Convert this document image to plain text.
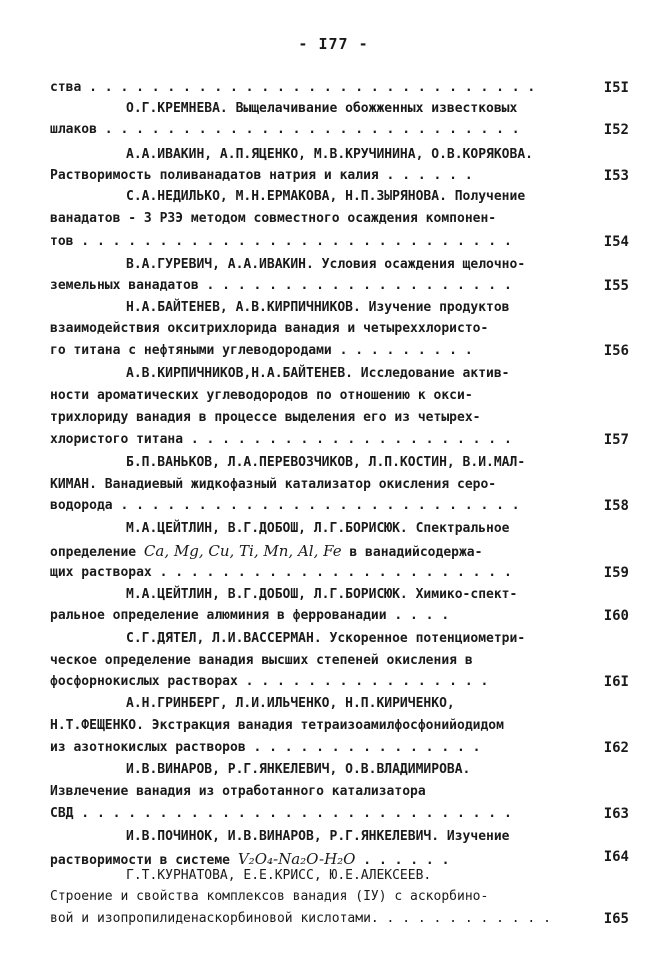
- I77 -
ства . . . . . . . . . . . . . . . . . . . . . . . . . . . . .	I5I
О.Г.КРЕМНЕВА. Выщелачивание обожженных известковых
шлаков . . . . . . . . . . . . . . . . . . . . . . . . . . .	I52
А.А.ИВАКИН, А.П.ЯЦЕНКО, М.В.КРУЧИНИНА, О.В.КОРЯКОВА.
Растворимость поливанадатов натрия и калия . . . . . .	I53
С.А.НЕДИЛЬКО, М.Н.ЕРМАКОВА, Н.П.ЗЫРЯНОВА. Получение
ванадатов - 3 РЗЭ методом совместного осаждения компонен-
тов . . . . . . . . . . . . . . . . . . . . . . . . . . . .	I54
В.А.ГУРЕВИЧ, А.А.ИВАКИН. Условия осаждения щелочно-
земельных ванадатов . . . . . . . . . . . . . . . . . . . .	I55
Н.А.БАЙТЕНЕВ, А.В.КИРПИЧНИКОВ. Изучение продуктов
взаимодействия окситрихлорида ванадия и четыреххлористо-
го титана с нефтяными углеводородами . . . . . . . . .	I56
А.В.КИРПИЧНИКОВ,Н.А.БАЙТЕНЕВ. Исследование актив-
ности ароматических углеводородов по отношению к окси-
трихлориду ванадия в процессе выделения его из четырех-
хлористого титана . . . . . . . . . . . . . . . . . . . . .	I57
Б.П.ВАНЬКОВ, Л.А.ПЕРЕВОЗЧИКОВ, Л.П.КОСТИН, В.И.МАЛ-
КИМАН. Ванадиевый жидкофазный катализатор окисления серо-
водорода . . . . . . . . . . . . . . . . . . . . . . . . . .	I58
М.А.ЦЕЙТЛИН, В.Г.ДОБОШ, Л.Г.БОРИСЮК. Спектральное
определение Ca, Mg, Cu, Ti, Mn, Al, Fe в ванадийсодержа-
щих растворах . . . . . . . . . . . . . . . . . . . . . . .	I59
М.А.ЦЕЙТЛИН, В.Г.ДОБОШ, Л.Г.БОРИСЮК. Химико-спект-
ральное определение алюминия в феррованадии . . . .	I60
С.Г.ДЯТЕЛ, Л.И.ВАССЕРМАН. Ускоренное потенциометри-
ческое определение ванадия высших степеней окисления в
фосфорнокислых растворах . . . . . . . . . . . . . . . .	I6I
А.Н.ГРИНБЕРГ, Л.И.ИЛЬЧЕНКО, Н.П.КИРИЧЕНКО,
Н.Т.ФЕЩЕНКО. Экстракция ванадия тетраизоамилфосфонийодидом
из азотнокислых растворов . . . . . . . . . . . . . . .	I62
И.В.ВИНАРОВ, Р.Г.ЯНКЕЛЕВИЧ, О.В.ВЛАДИМИРОВА.
Извлечение ванадия из отработанного катализатора
СВД . . . . . . . . . . . . . . . . . . . . . . . . . . . .	I63
И.В.ПОЧИНОК, И.В.ВИНАРОВ, Р.Г.ЯНКЕЛЕВИЧ. Изучение
растворимости в системе V₂O₄-Na₂O-H₂O . . . . . .	I64
Г.Т.КУРНАТОВА, Е.Е.КРИСС, Ю.Е.АЛЕКСЕЕВ.
Строение и свойства комплексов ванадия (IУ) с аскорбино-
вой и изопропилиденаскорбиновой кислотами. . . . . . . . . . . .	I65
